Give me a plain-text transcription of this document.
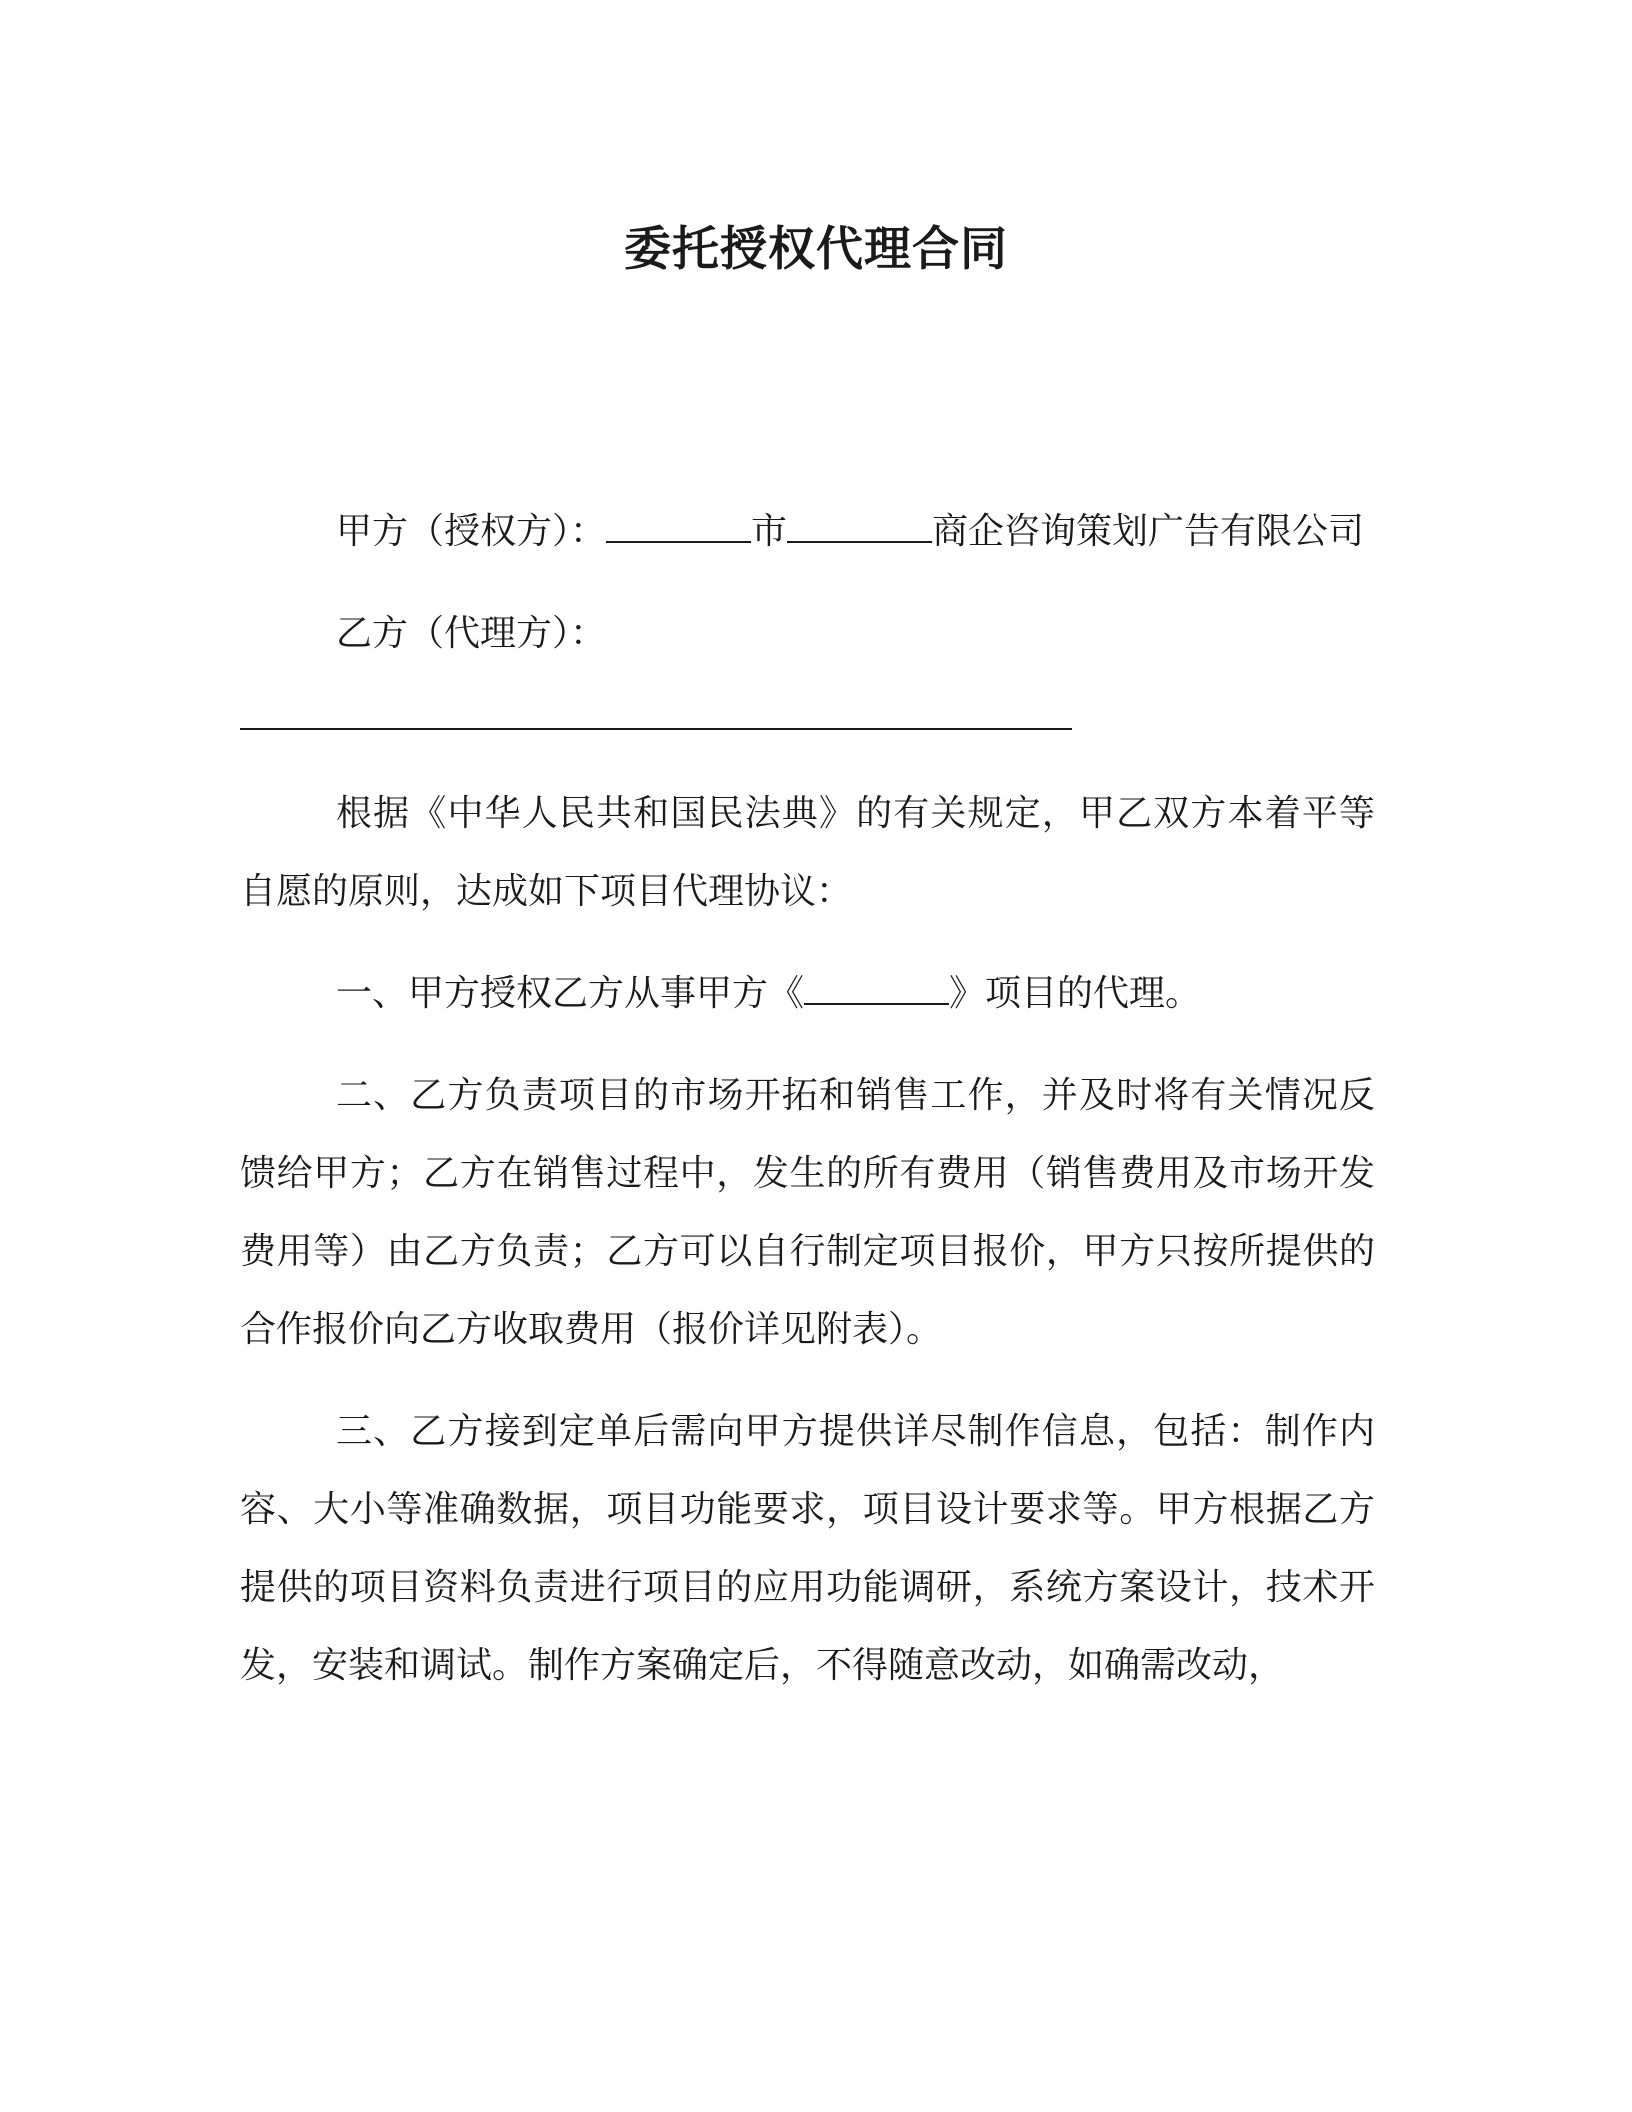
委托授权代理合同

甲方（授权方）：	市	商企咨询策划广告有限公司

乙方（代理方）：

根据《中华人民共和国民法典》的有关规定，甲乙双方本着平等自愿的原则，达成如下项目代理协议：

一、甲方授权乙方从事甲方《	》项目的代理。

二、乙方负责项目的市场开拓和销售工作，并及时将有关情况反馈给甲方；乙方在销售过程中，发生的所有费用（销售费用及市场开发费用等）由乙方负责；乙方可以自行制定项目报价，甲方只按所提供的合作报价向乙方收取费用（报价详见附表）。

三、乙方接到定单后需向甲方提供详尽制作信息，包括：制作内容、大小等准确数据，项目功能要求，项目设计要求等。甲方根据乙方提供的项目资料负责进行项目的应用功能调研，系统方案设计，技术开发，安装和调试。制作方案确定后，不得随意改动，如确需改动，
